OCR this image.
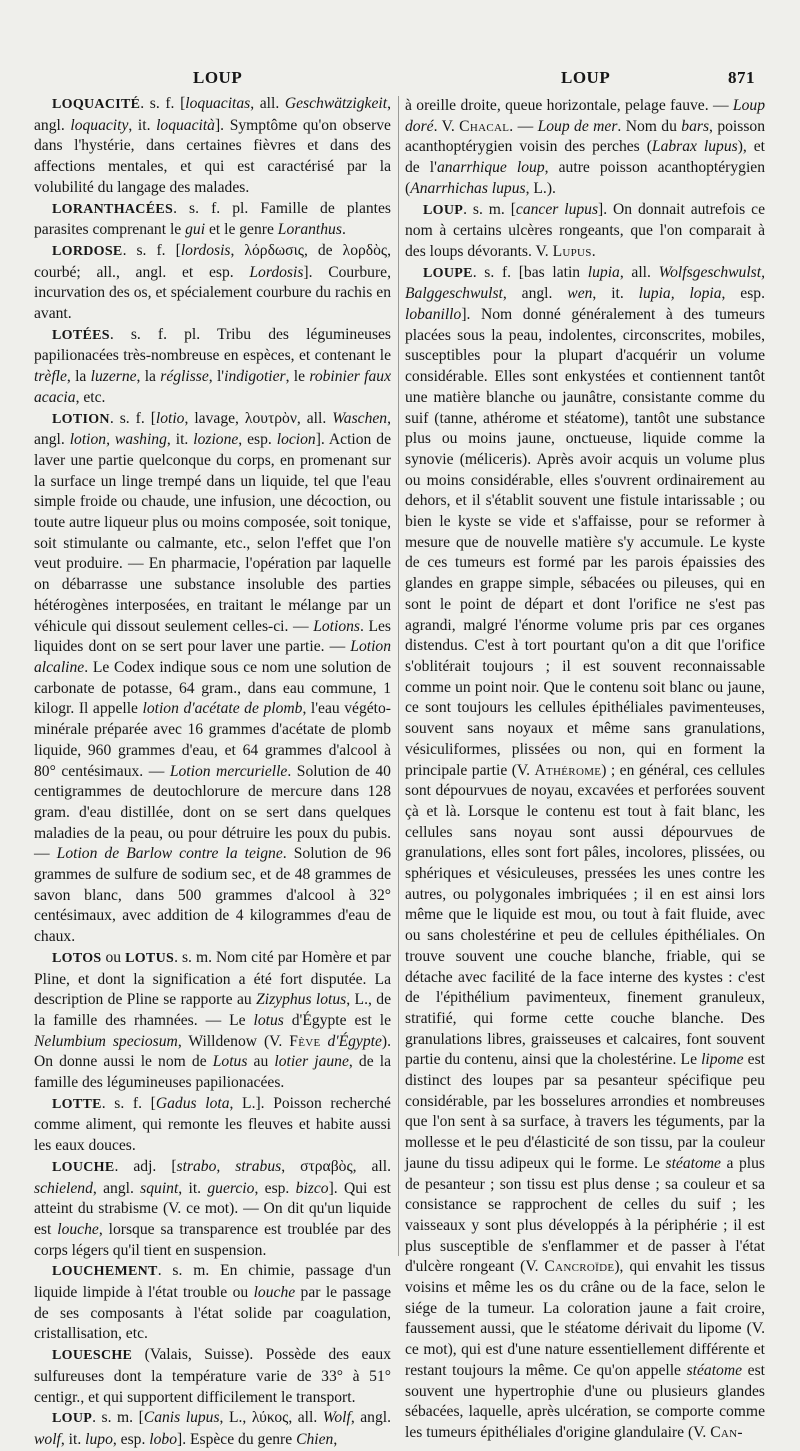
LOUP	LOUP	871

LOQUACITÉ. s. f. [loquacitas, all. Geschwätzigkeit, angl. loquacity, it. loquacità]. Symptôme qu'on observe dans l'hystérie, dans certaines fièvres et dans des affections mentales, et qui est caractérisé par la volubilité du langage des malades.

LORANTHACÉES. s. f. pl. Famille de plantes parasites comprenant le gui et le genre Loranthus.

LORDOSE. s. f. [lordosis, λόρδωσις, de λορδὸς, courbé; all., angl. et esp. Lordosis]. Courbure, incurvation des os, et spécialement courbure du rachis en avant.

LOTÉES. s. f. pl. Tribu des légumineuses papilionacées très-nombreuse en espèces, et contenant le trèfle, la luzerne, la réglisse, l'indigotier, le robinier faux acacia, etc.

LOTION. s. f. [lotio, lavage, λουτρὸν, all. Waschen, angl. lotion, washing, it. lozione, esp. locion]. Action de laver une partie quelconque du corps, en promenant sur la surface un linge trempé dans un liquide, tel que l'eau simple froide ou chaude, une infusion, une décoction, ou toute autre liqueur plus ou moins composée, soit tonique, soit stimulante ou calmante, etc., selon l'effet que l'on veut produire. — En pharmacie, l'opération par laquelle on débarrasse une substance insoluble des parties hétérogènes interposées, en traitant le mélange par un véhicule qui dissout seulement celles-ci. — Lotions. Les liquides dont on se sert pour laver une partie. — Lotion alcaline. Le Codex indique sous ce nom une solution de carbonate de potasse, 64 gram., dans eau commune, 1 kilogr. Il appelle lotion d'acétate de plomb, l'eau végéto-minérale préparée avec 16 grammes d'acétate de plomb liquide, 960 grammes d'eau, et 64 grammes d'alcool à 80° centésimaux. — Lotion mercurielle. Solution de 40 centigrammes de deutochlorure de mercure dans 128 gram. d'eau distillée, dont on se sert dans quelques maladies de la peau, ou pour détruire les poux du pubis. — Lotion de Barlow contre la teigne. Solution de 96 grammes de sulfure de sodium sec, et de 48 grammes de savon blanc, dans 500 grammes d'alcool à 32° centésimaux, avec addition de 4 kilogrammes d'eau de chaux.

LOTOS ou LOTUS. s. m. Nom cité par Homère et par Pline, et dont la signification a été fort disputée. La description de Pline se rapporte au Zizyphus lotus, L., de la famille des rhamnées. — Le lotus d'Égypte est le Nelumbium speciosum, Willdenow (V. Fève d'Égypte). On donne aussi le nom de Lotus au lotier jaune, de la famille des légumineuses papilionacées.

LOTTE. s. f. [Gadus lota, L.]. Poisson recherché comme aliment, qui remonte les fleuves et habite aussi les eaux douces.

LOUCHE. adj. [strabo, strabus, στραβὸς, all. schielend, angl. squint, it. guercio, esp. bizco]. Qui est atteint du strabisme (V. ce mot). — On dit qu'un liquide est louche, lorsque sa transparence est troublée par des corps légers qu'il tient en suspension.

LOUCHEMENT. s. m. En chimie, passage d'un liquide limpide à l'état trouble ou louche par le passage de ses composants à l'état solide par coagulation, cristallisation, etc.

LOUESCHE (Valais, Suisse). Possède des eaux sulfureuses dont la température varie de 33° à 51° centigr., et qui supportent difficilement le transport.

LOUP. s. m. [Canis lupus, L., λύκος, all. Wolf, angl. wolf, it. lupo, esp. lobo]. Espèce du genre Chien,

à oreille droite, queue horizontale, pelage fauve. — Loup doré. V. Chacal. — Loup de mer. Nom du bars, poisson acanthoptérygien voisin des perches (Labrax lupus), et de l'anarrhique loup, autre poisson acanthoptérygien (Anarrhichas lupus, L.).

LOUP. s. m. [cancer lupus]. On donnait autrefois ce nom à certains ulcères rongeants, que l'on comparait à des loups dévorants. V. Lupus.

LOUPE. s. f. [bas latin lupia, all. Wolfsgeschwulst, Balggeschwulst, angl. wen, it. lupia, lopia, esp. lobanillo]. Nom donné généralement à des tumeurs placées sous la peau, indolentes, circonscrites, mobiles, susceptibles pour la plupart d'acquérir un volume considérable. Elles sont enkystées et contiennent tantôt une matière blanche ou jaunâtre, consistante comme du suif (tanne, athérome et stéatome), tantôt une substance plus ou moins jaune, onctueuse, liquide comme la synovie (méliceris). Après avoir acquis un volume plus ou moins considérable, elles s'ouvrent ordinairement au dehors, et il s'établit souvent une fistule intarissable ; ou bien le kyste se vide et s'affaisse, pour se reformer à mesure que de nouvelle matière s'y accumule. Le kyste de ces tumeurs est formé par les parois épaissies des glandes en grappe simple, sébacées ou pileuses, qui en sont le point de départ et dont l'orifice ne s'est pas agrandi, malgré l'énorme volume pris par ces organes distendus. C'est à tort pourtant qu'on a dit que l'orifice s'oblitérait toujours ; il est souvent reconnaissable comme un point noir. Que le contenu soit blanc ou jaune, ce sont toujours les cellules épithéliales pavimenteuses, souvent sans noyaux et même sans granulations, vésiculiformes, plissées ou non, qui en forment la principale partie (V. Athérome) ; en général, ces cellules sont dépourvues de noyau, excavées et perforées souvent çà et là. Lorsque le contenu est tout à fait blanc, les cellules sans noyau sont aussi dépourvues de granulations, elles sont fort pâles, incolores, plissées, ou sphériques et vésiculeuses, pressées les unes contre les autres, ou polygonales imbriquées ; il en est ainsi lors même que le liquide est mou, ou tout à fait fluide, avec ou sans cholestérine et peu de cellules épithéliales. On trouve souvent une couche blanche, friable, qui se détache avec facilité de la face interne des kystes : c'est de l'épithélium pavimenteux, finement granuleux, stratifié, qui forme cette couche blanche. Des granulations libres, graisseuses et calcaires, font souvent partie du contenu, ainsi que la cholestérine. Le lipome est distinct des loupes par sa pesanteur spécifique peu considérable, par les bosselures arrondies et nombreuses que l'on sent à sa surface, à travers les téguments, par la mollesse et le peu d'élasticité de son tissu, par la couleur jaune du tissu adipeux qui le forme. Le stéatome a plus de pesanteur ; son tissu est plus dense ; sa couleur et sa consistance se rapprochent de celles du suif ; les vaisseaux y sont plus développés à la périphérie ; il est plus susceptible de s'enflammer et de passer à l'état d'ulcère rongeant (V. Cancroïde), qui envahit les tissus voisins et même les os du crâne ou de la face, selon le siége de la tumeur. La coloration jaune a fait croire, faussement aussi, que le stéatome dérivait du lipome (V. ce mot), qui est d'une nature essentiellement différente et restant toujours la même. Ce qu'on appelle stéatome est souvent une hypertrophie d'une ou plusieurs glandes sébacées, laquelle, après ulcération, se comporte comme les tumeurs épithéliales d'origine glandulaire (V. Can-
